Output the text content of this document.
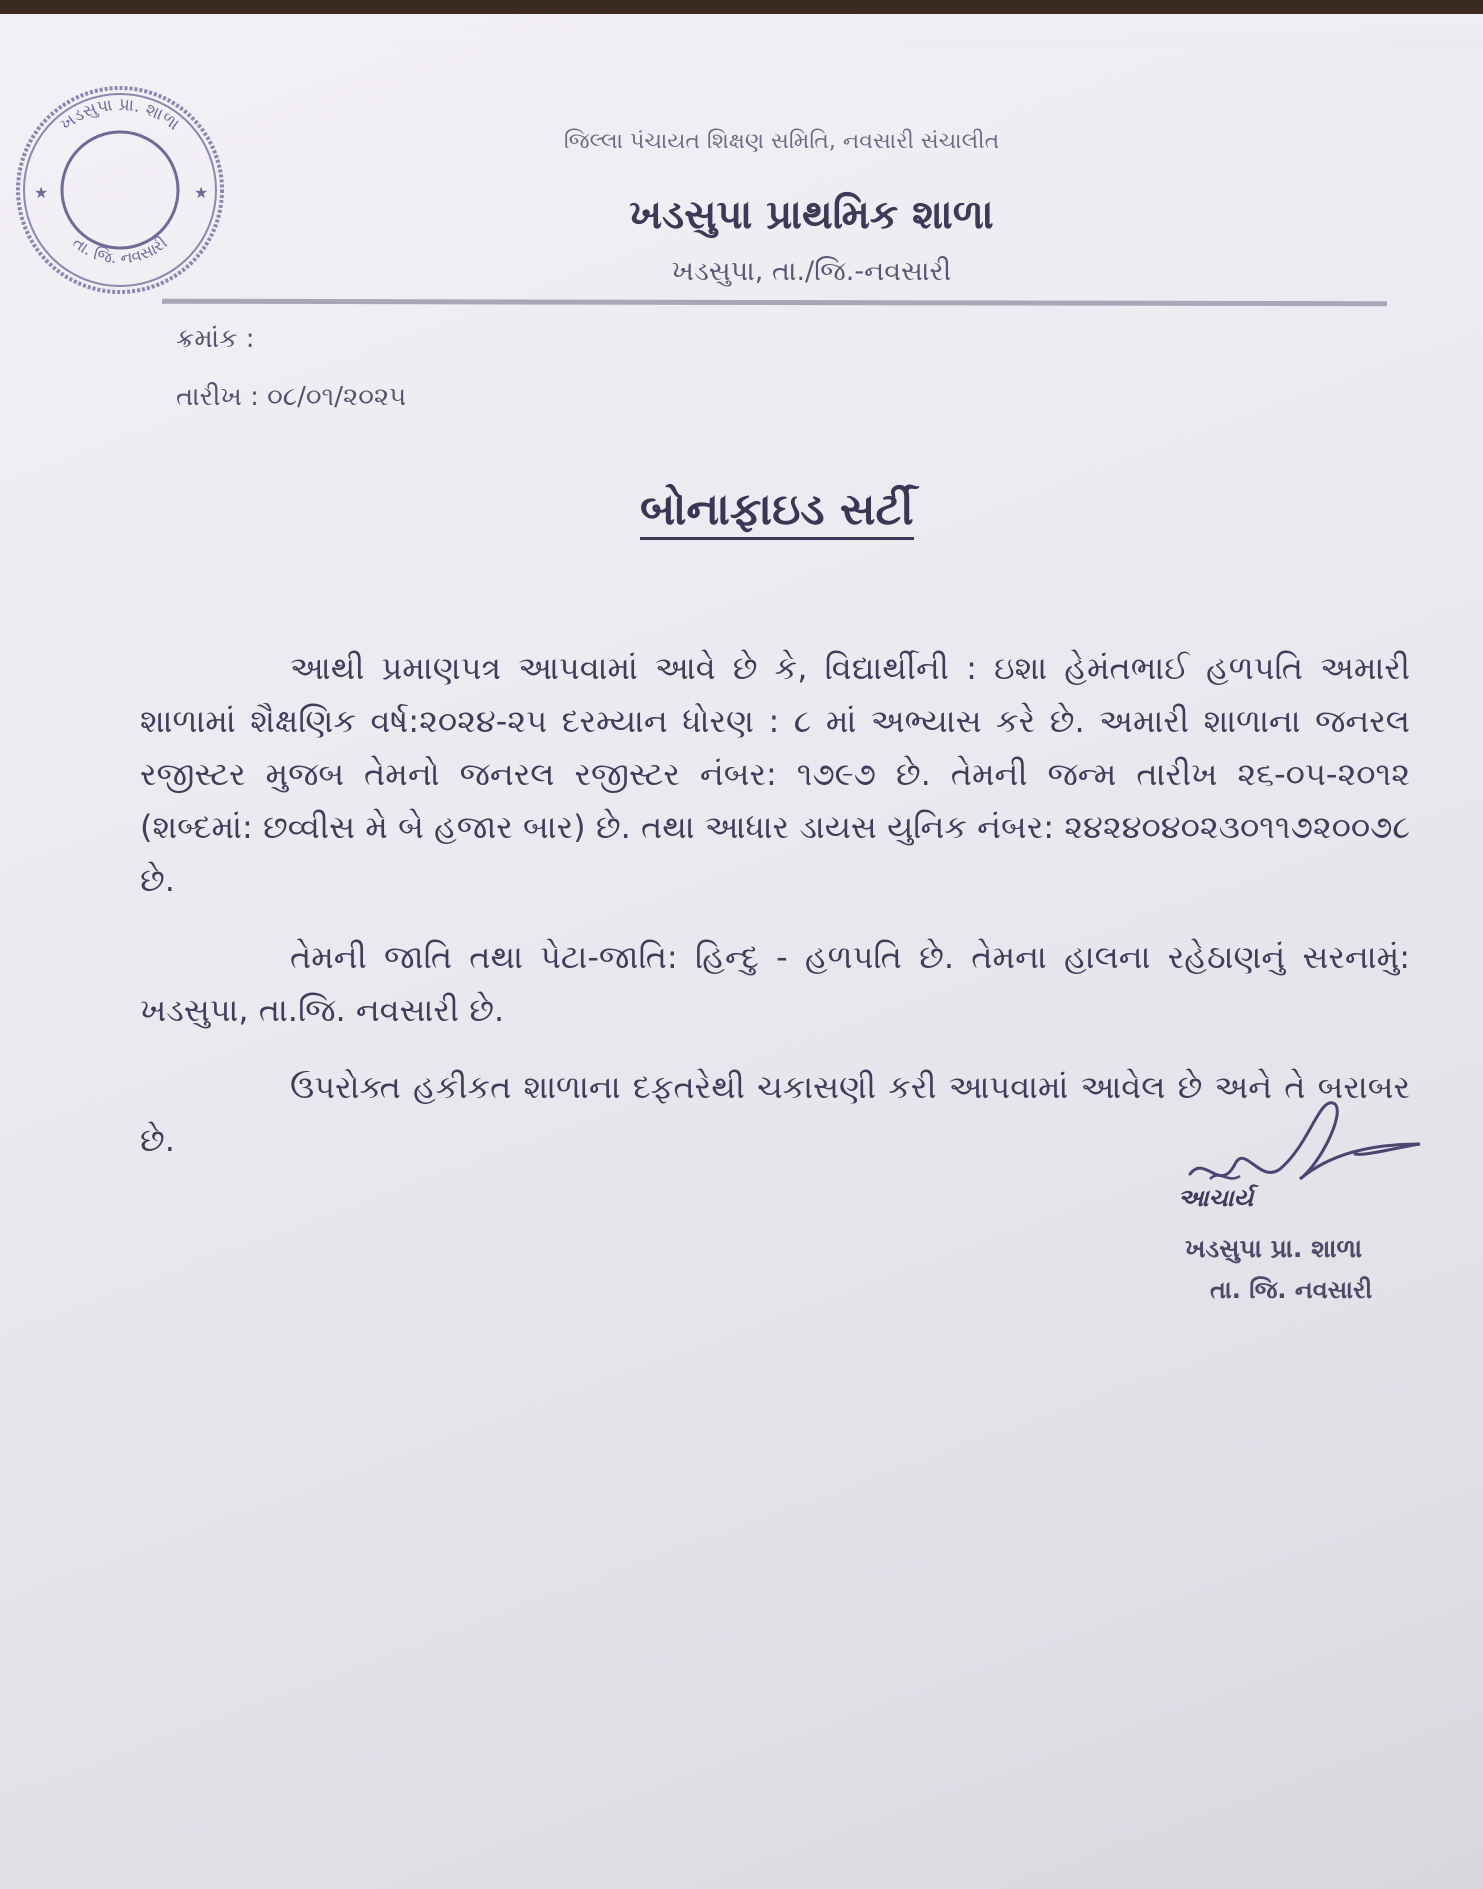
ખડસુપા પ્રા. શાળા
તા. જિ. નવસારી
★	★
જિલ્લા પંચાયત શિક્ષણ સમિતિ, નવસારી સંચાલીત
ખડસુપા પ્રાથમિક શાળા
ખડસુપા, તા./જિ.-નવસારી
ક્રમાંક :
તારીખ : ૦૮/૦૧/૨૦૨૫
બોનાફાઇડ સર્ટી

આથી પ્રમાણપત્ર આપવામાં આવે છે કે, વિદ્યાર્થીની : ઇશા હેમંતભાઈ હળપતિ અમારી શાળામાં શૈક્ષણિક વર્ષ:૨૦૨૪-૨૫ દરમ્યાન ધોરણ : ૮ માં અભ્યાસ કરે છે. અમારી શાળાના જનરલ રજીસ્ટર મુજબ તેમનો જનરલ રજીસ્ટર નંબર: ૧૭૯૭ છે. તેમની જન્મ તારીખ ૨૬-૦૫-૨૦૧૨ (શબ્દમાં: છવ્વીસ મે બે હજાર બાર) છે. તથા આધાર ડાયસ યુનિક નંબર: ૨૪૨૪૦૪૦૨૩૦૧૧૭૨૦૦૭૮ છે.

તેમની જાતિ તથા પેટા-જાતિ: હિન્દુ - હળપતિ છે. તેમના હાલના રહેઠાણનું સરનામું: ખડસુપા, તા.જિ. નવસારી છે.

ઉપરોક્ત હકીકત શાળાના દફતરેથી ચકાસણી કરી આપવામાં આવેલ છે અને તે બરાબર છે.

આચાર્ય
ખડસુપા પ્રા. શાળા
તા. જિ. નવસારી
